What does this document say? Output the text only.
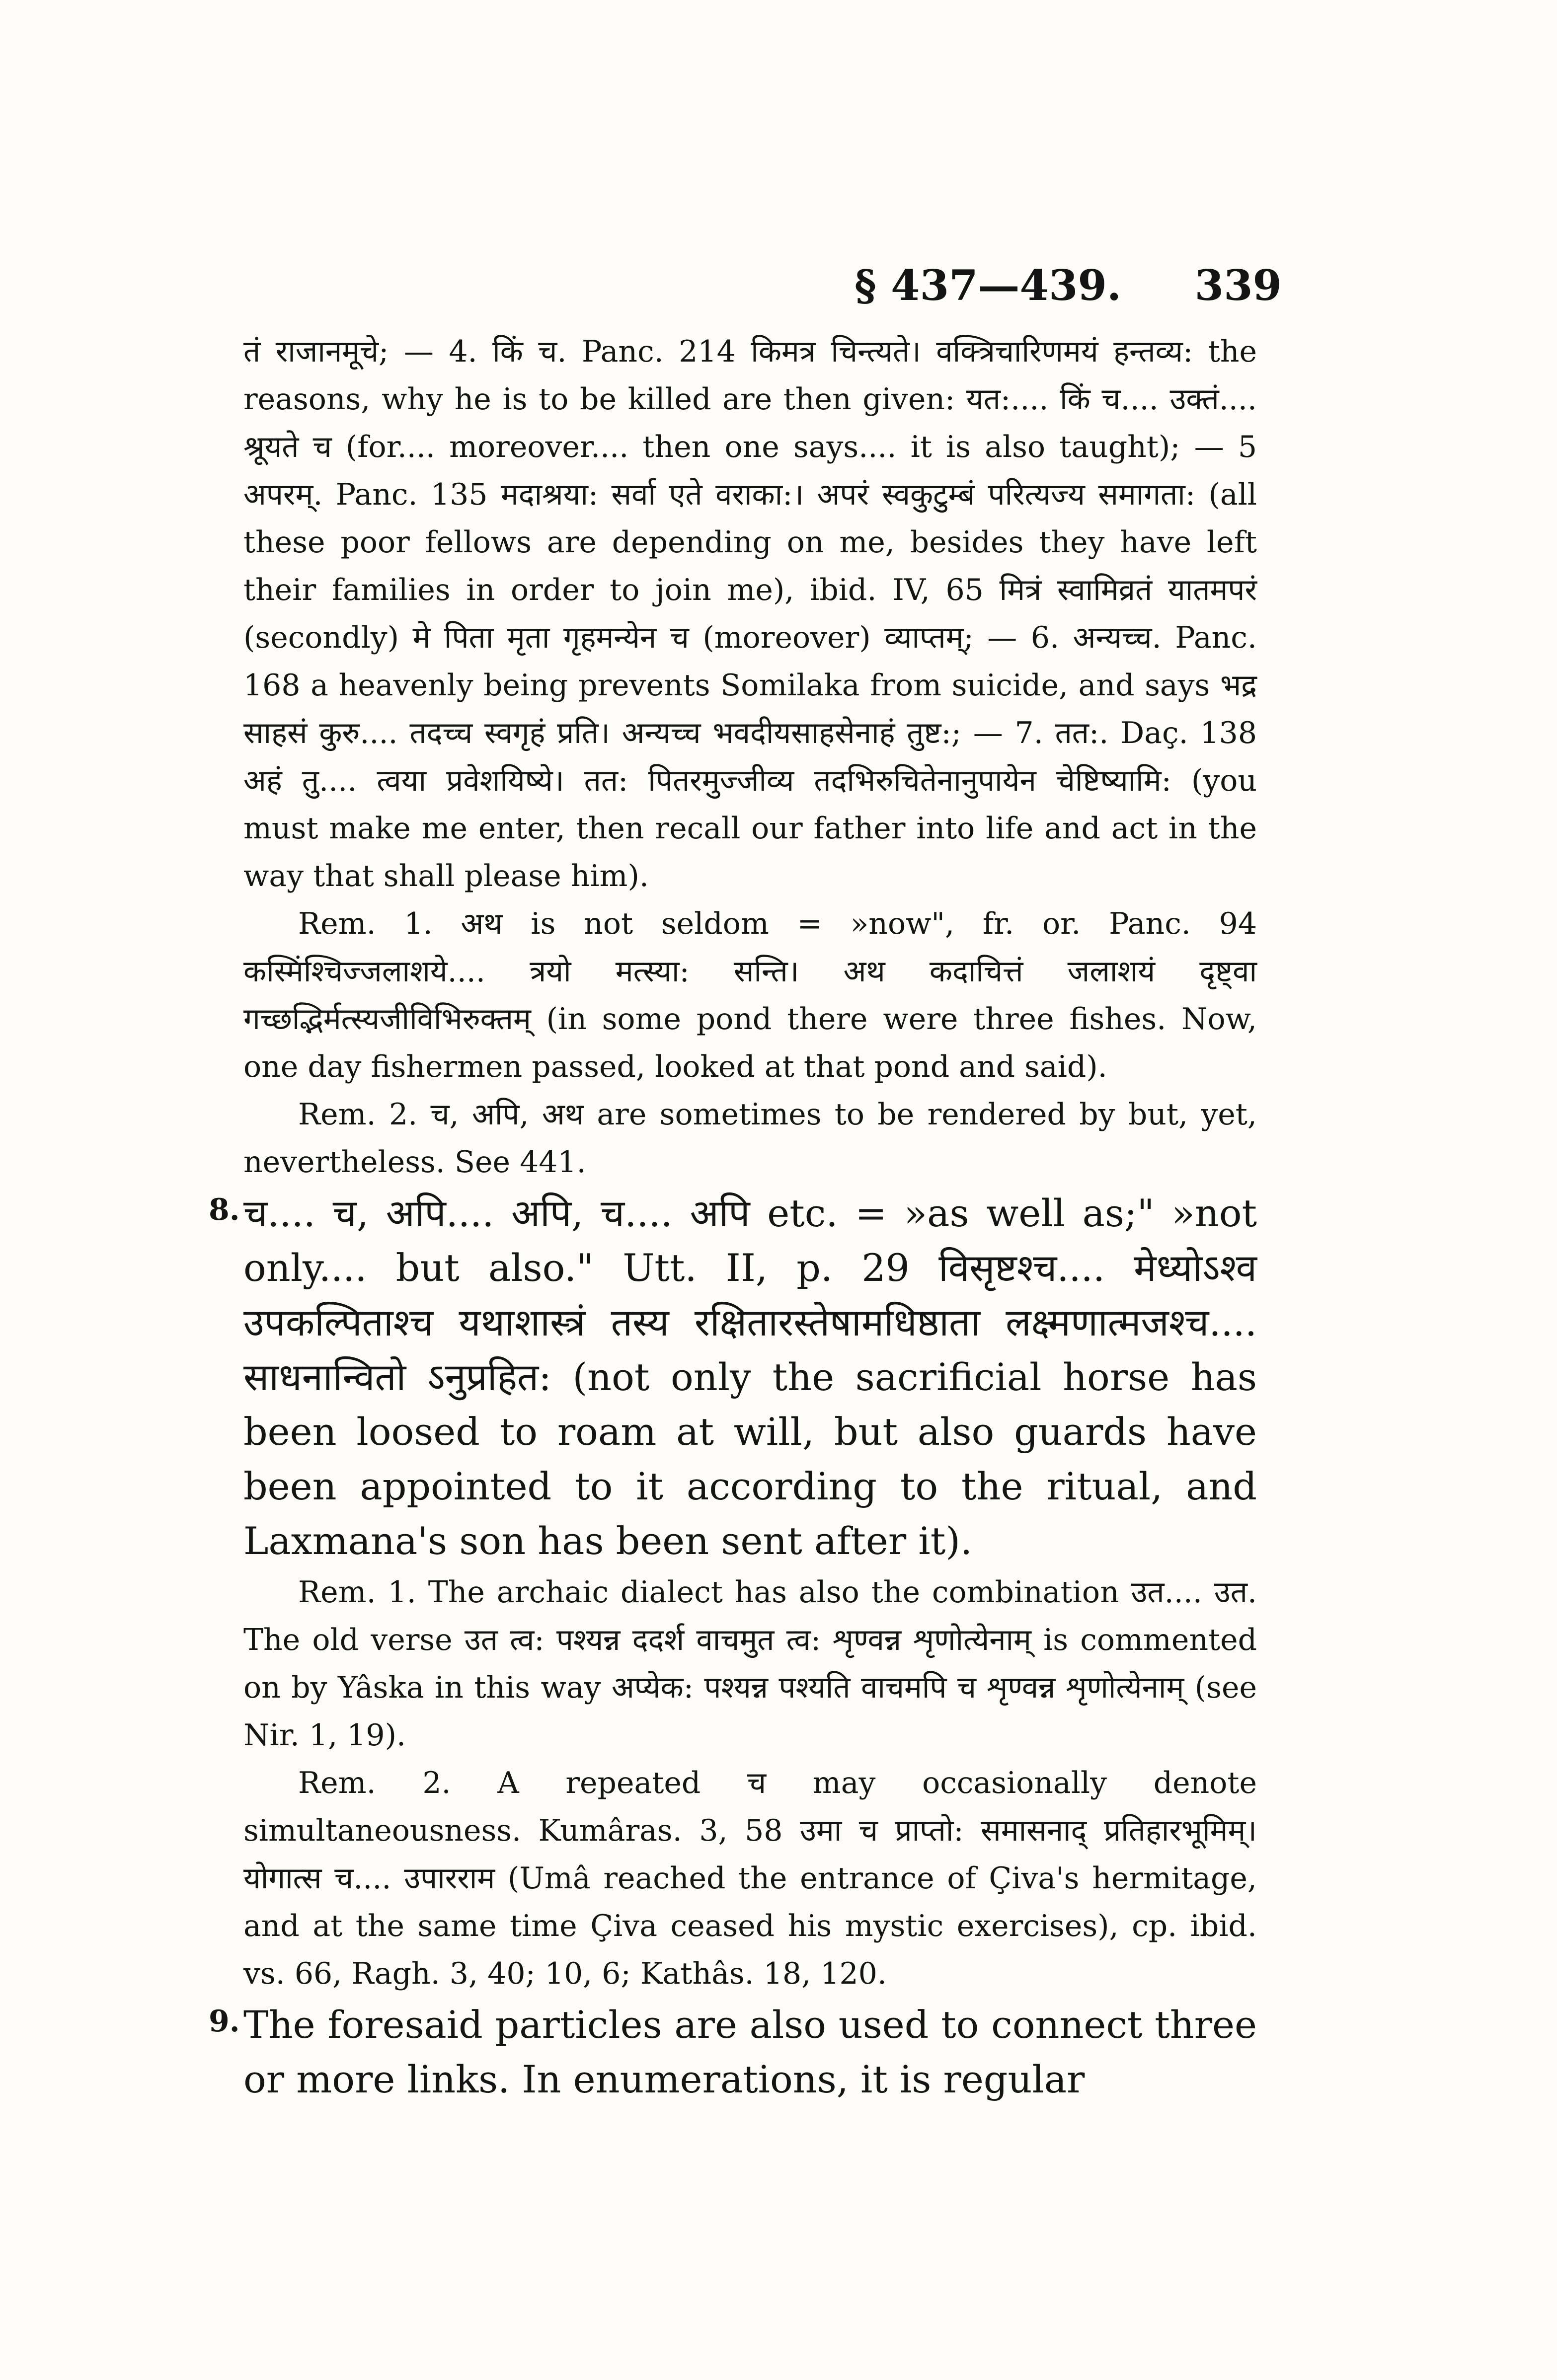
§ 437—439. 339

तं राजानमूचे; — 4. किं च. Panc. 214 किमत्र चिन्त्यते। वक्त्रिचारिणमयं हन्तव्य: the reasons, why he is to be killed are then given: यत:.... किं च.... उक्तं.... श्रूयते च (for.... moreover.... then one says.... it is also taught); — 5 अपरम्. Panc. 135 मदाश्रया: सर्वा एते वराका:। अपरं स्वकुटुम्बं परित्यज्य समागता: (all these poor fellows are depending on me, besides they have left their families in order to join me), ibid. IV, 65 मित्रं स्वामिव्रतं यातमपरं (secondly) मे पिता मृता गृहमन्येन च (moreover) व्याप्तम्; — 6. अन्यच्च. Panc. 168 a heavenly being prevents Somilaka from suicide, and says भद्र साहसं कुरु.... तदच्च स्वगृहं प्रति। अन्यच्च भवदीयसाहसेनाहं तुष्ट:; — 7. तत:. Daç. 138 अहं तु.... त्वया प्रवेशयिष्ये। तत: पितरमुज्जीव्य तदभिरुचितेनानुपायेन चेष्टिष्यामि: (you must make me enter, then recall our father into life and act in the way that shall please him).

Rem. 1. अथ is not seldom = »now", fr. or. Panc. 94 कस्मिंश्चिज्जलाशये.... त्रयो मत्स्या: सन्ति। अथ कदाचित्तं जलाशयं दृष्ट्वा गच्छद्भिर्मत्स्यजीविभिरुक्तम् (in some pond there were three fishes. Now, one day fishermen passed, looked at that pond and said).

Rem. 2. च, अपि, अथ are sometimes to be rendered by but, yet, nevertheless. See 441.

8. च.... च, अपि.... अपि, च.... अपि etc. = »as well as;" »not only.... but also." Utt. II, p. 29 विसृष्टश्च.... मेध्योऽश्व उपकल्पिताश्च यथाशास्त्रं तस्य रक्षितारस्तेषामधिष्ठाता लक्ष्मणात्मजश्च.... साधनान्वितो ऽनुप्रहित: (not only the sacrificial horse has been loosed to roam at will, but also guards have been appointed to it according to the ritual, and Laxmana's son has been sent after it).

Rem. 1. The archaic dialect has also the combination उत.... उत. The old verse उत त्व: पश्यन्न ददर्श वाचमुत त्व: शृण्वन्न शृणोत्येनाम् is commented on by Yâska in this way अप्येक: पश्यन्न पश्यति वाचमपि च शृण्वन्न शृणोत्येनाम् (see Nir. 1, 19).

Rem. 2. A repeated च may occasionally denote simultaneousness. Kumâras. 3, 58 उमा च प्राप्तो: समासनाद् प्रतिहारभूमिम्। योगात्स च.... उपारराम (Umâ reached the entrance of Çiva's hermitage, and at the same time Çiva ceased his mystic exercises), cp. ibid. vs. 66, Ragh. 3, 40; 10, 6; Kathâs. 18, 120.

9. The foresaid particles are also used to connect three or more links. In enumerations, it is regular
